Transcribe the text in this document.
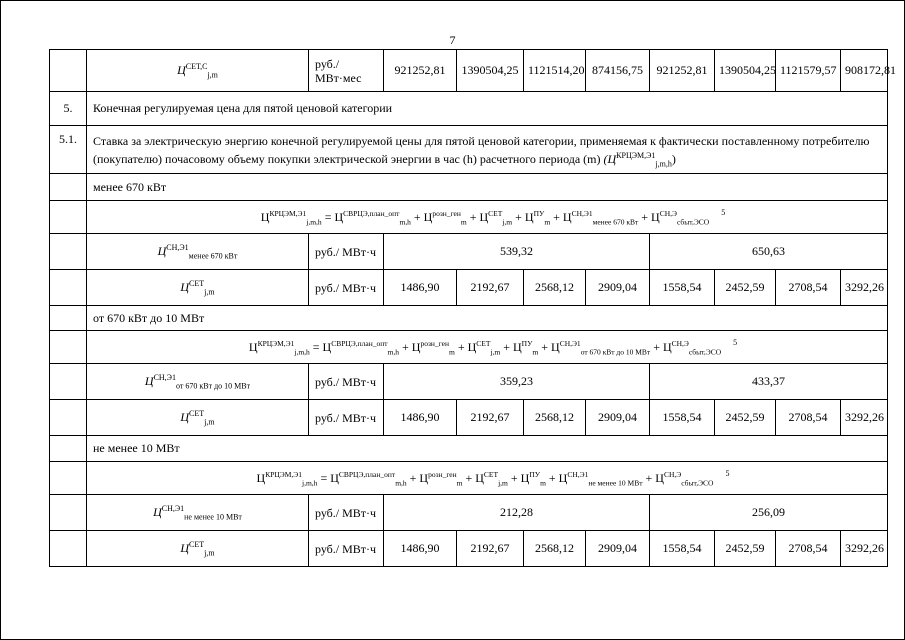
7
	$Ц^{СЕТ,С}_{j,m}$	руб./ МВт·мес	921252,81	1390504,25	1121514,20	874156,75	921252,81	1390504,25	1121579,57	908172,81
5.	Конечная регулируемая цена для пятой ценовой категории									
5.1.	Ставка за электрическую энергию конечной регулируемой цены для пятой ценовой категории, применяемая к фактически поставленному потребителю (покупателю) почасовому объему покупки электрической энергии в час (h) расчетного периода (m) $(Ц^{КРЦЭМ,Э1}_{j,m,h})$									
	менее 670 кВт									
	$Ц^{КРЦЭМ,Э1}_{j,m,h} = Ц^{СВРЦЭ,план\_опт}_{m,h} + Ц^{розн\_ген}_m + Ц^{СЕТ}_{j,m} + Ц^{ПУ}_m + Ц^{СН,Э1}_{менее 670 кВт} + Ц^{СН,Э}_{сбыт,ЭСО}^5$
	$Ц^{СН,Э1}_{менее 670 кВт}$	руб./ МВт·ч	539,32				650,63			
	$Ц^{СЕТ}_{j,m}$	руб./ МВт·ч	1486,90	2192,67	2568,12	2909,04	1558,54	2452,59	2708,54	3292,26
	от 670 кВт до 10 МВт									
	$Ц^{КРЦЭМ,Э1}_{j,m,h} = Ц^{СВРЦЭ,план\_опт}_{m,h} + Ц^{розн\_ген}_m + Ц^{СЕТ}_{j,m} + Ц^{ПУ}_m + Ц^{СН,Э1}_{от 670 кВт до 10 МВт} + Ц^{СН,Э}_{сбыт,ЭСО}^5$
	$Ц^{СН,Э1}_{от 670 кВт до 10 МВт}$	руб./ МВт·ч	359,23				433,37			
	$Ц^{СЕТ}_{j,m}$	руб./ МВт·ч	1486,90	2192,67	2568,12	2909,04	1558,54	2452,59	2708,54	3292,26
	не менее 10 МВт									
	$Ц^{КРЦЭМ,Э1}_{j,m,h} = Ц^{СВРЦЭ,план\_опт}_{m,h} + Ц^{розн\_ген}_m + Ц^{СЕТ}_{j,m} + Ц^{ПУ}_m + Ц^{СН,Э1}_{не менее 10 МВт} + Ц^{СН,Э}_{сбыт,ЭСО}^5$
	$Ц^{СН,Э1}_{не менее 10 МВт}$	руб./ МВт·ч	212,28				256,09			
	$Ц^{СЕТ}_{j,m}$	руб./ МВт·ч	1486,90	2192,67	2568,12	2909,04	1558,54	2452,59	2708,54	3292,26
